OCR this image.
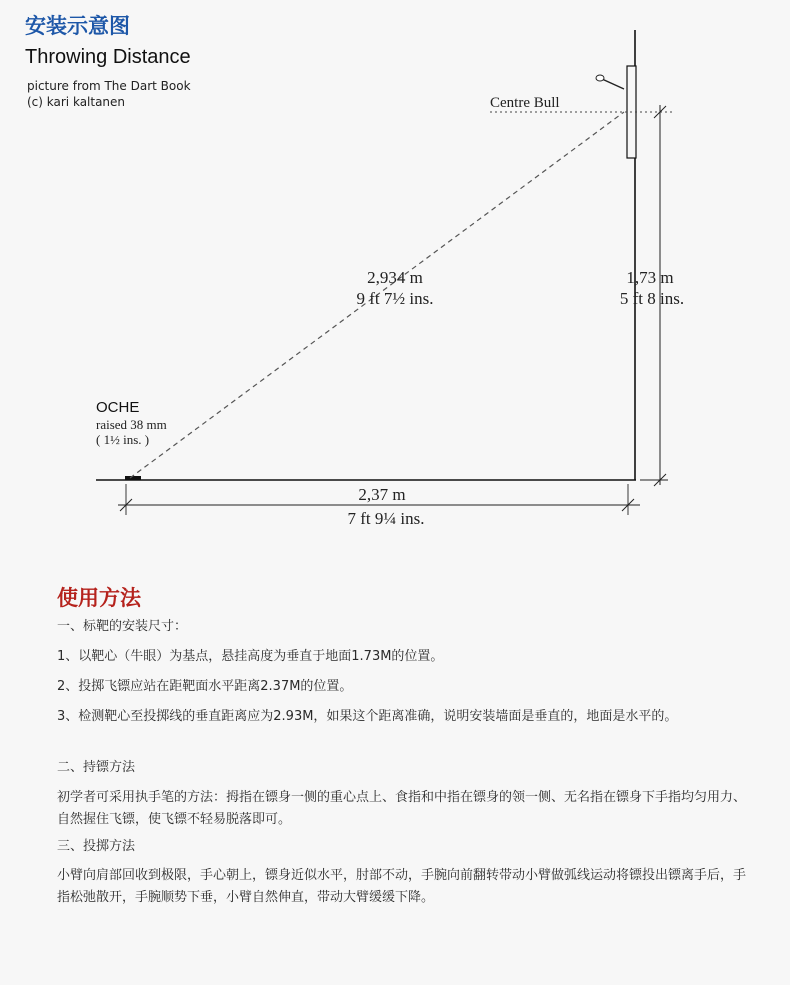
安装示意图
Throwing Distance
picture from The Dart Book
(c) kari kaltanen	Centre Bull
2,934 m
9 ft 7½ ins.
1,73 m
5 ft 8 ins.
2,37 m
7 ft 9¼ ins.
OCHE
raised 38 mm
( 1½ ins. )
使用方法

一、标靶的安装尺寸：

1、以靶心（牛眼）为基点，悬挂高度为垂直于地面1.73M的位置。

2、投掷飞镖应站在距靶面水平距离2.37M的位置。

3、检测靶心至投掷线的垂直距离应为2.93M，如果这个距离准确，说明安装墙面是垂直的，地面是水平的。

二、持镖方法

初学者可采用执手笔的方法：拇指在镖身一侧的重心点上、食指和中指在镖身的领一侧、无名指在镖身下手指均匀用力、自然握住飞镖，使飞镖不轻易脱落即可。

三、投掷方法

小臂向肩部回收到极限，手心朝上，镖身近似水平，肘部不动，手腕向前翻转带动小臂做弧线运动将镖投出镖离手后，手指松弛散开，手腕顺势下垂，小臂自然伸直，带动大臂缓缓下降。
